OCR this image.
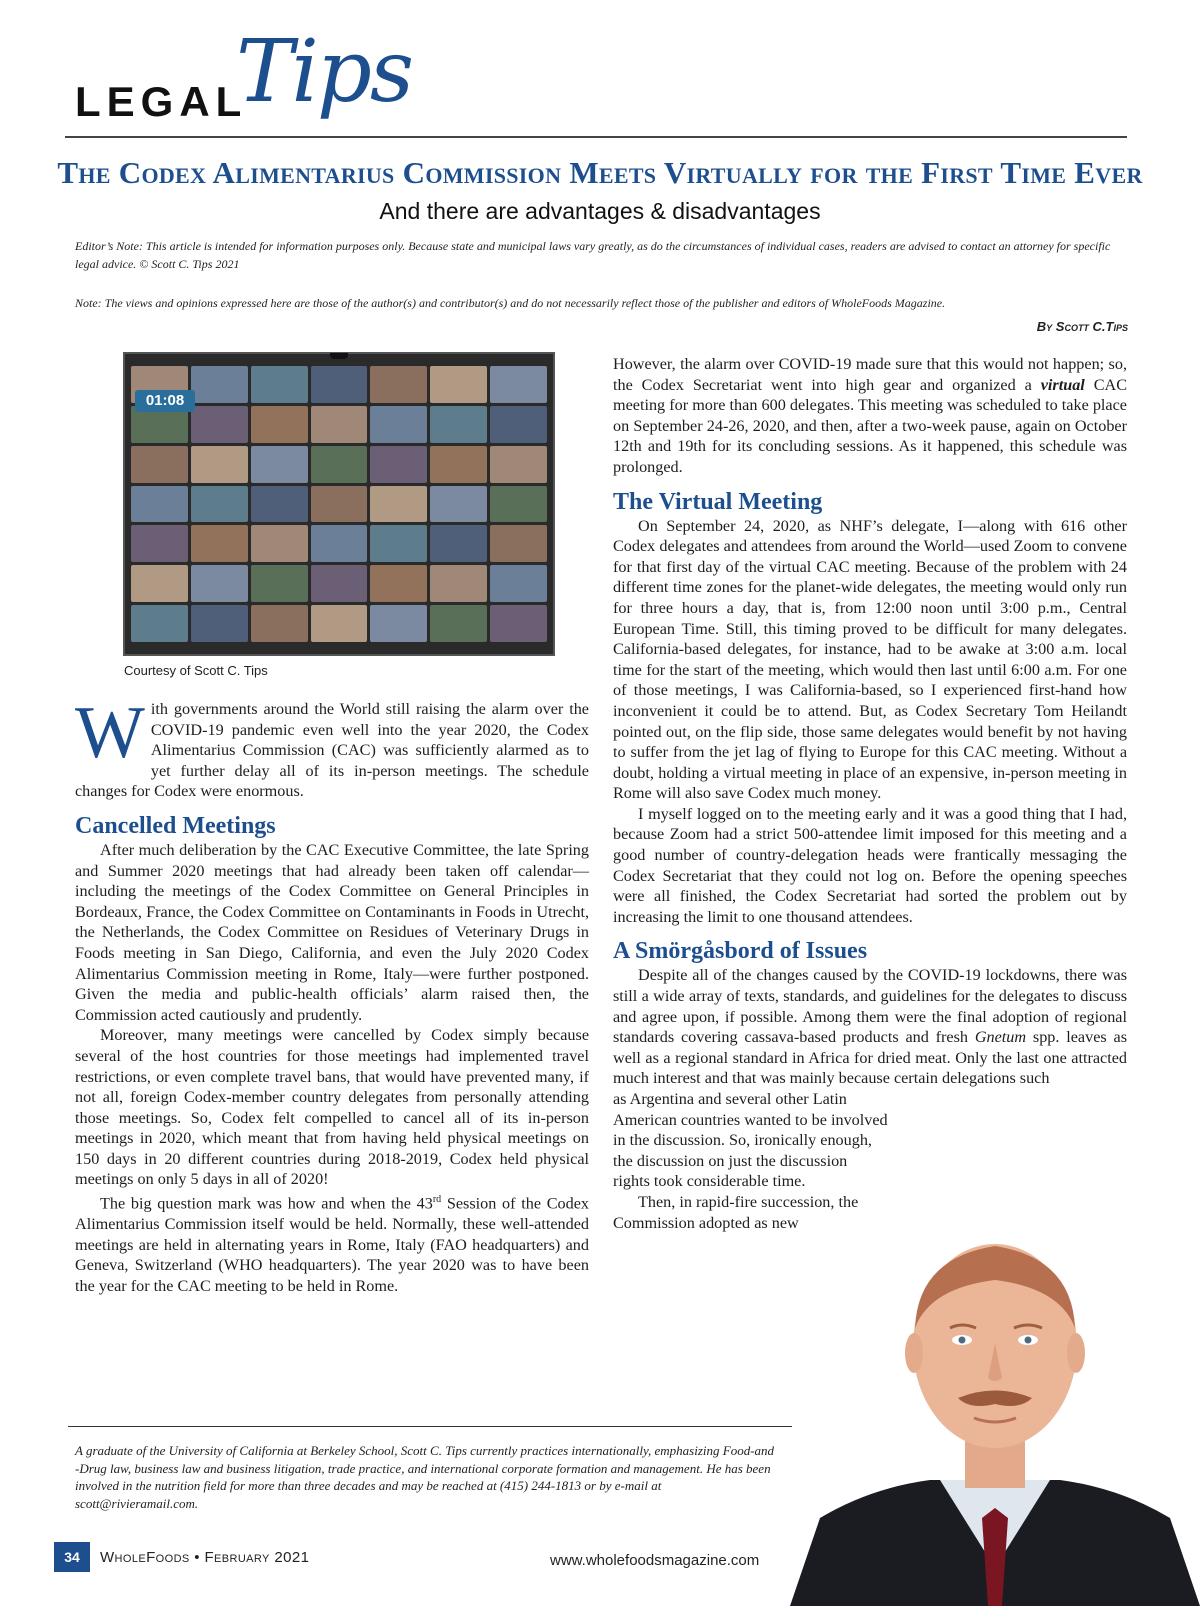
LEGAL
Tips
The Codex Alimentarius Commission Meets Virtually for the First Time Ever
And there are advantages & disadvantages
Editor’s Note: This article is intended for information purposes only. Because state and municipal laws vary greatly, as do the circumstances of individual cases, readers are advised to contact an attorney for specific legal advice. © Scott C. Tips 2021
Note: The views and opinions expressed here are those of the author(s) and contributor(s) and do not necessarily reflect those of the publisher and editors of WholeFoods Magazine.
By Scott C.Tips
01:08
Courtesy of Scott C. Tips

With governments around the World still raising the alarm over the COVID-19 pandemic even well into the year 2020, the Codex Alimentarius Commission (CAC) was sufficiently alarmed as to yet further delay all of its in-person meetings. The schedule changes for Codex were enormous.

Cancelled Meetings

After much deliberation by the CAC Executive Committee, the late Spring and Summer 2020 meetings that had already been taken off calendar—including the meetings of the Codex Committee on General Principles in Bordeaux, France, the Codex Committee on Contaminants in Foods in Utrecht, the Netherlands, the Codex Committee on Residues of Veterinary Drugs in Foods meeting in San Diego, California, and even the July 2020 Codex Alimentarius Commission meeting in Rome, Italy—were further postponed. Given the media and public-health officials’ alarm raised then, the Commission acted cautiously and prudently.

Moreover, many meetings were cancelled by Codex simply because several of the host countries for those meetings had implemented travel restrictions, or even complete travel bans, that would have prevented many, if not all, foreign Codex-member country delegates from personally attending those meetings. So, Codex felt compelled to cancel all of its in-person meetings in 2020, which meant that from having held physical meetings on 150 days in 20 different countries during 2018-2019, Codex held physical meetings on only 5 days in all of 2020!

The big question mark was how and when the 43rd Session of the Codex Alimentarius Commission itself would be held. Normally, these well-attended meetings are held in alternating years in Rome, Italy (FAO headquarters) and Geneva, Switzerland (WHO headquarters). The year 2020 was to have been the year for the CAC meeting to be held in Rome.

However, the alarm over COVID-19 made sure that this would not happen; so, the Codex Secretariat went into high gear and organized a virtual CAC meeting for more than 600 delegates. This meeting was scheduled to take place on September 24-26, 2020, and then, after a two-week pause, again on October 12th and 19th for its concluding sessions. As it happened, this schedule was prolonged.

The Virtual Meeting

On September 24, 2020, as NHF’s delegate, I—along with 616 other Codex delegates and attendees from around the World—used Zoom to convene for that first day of the virtual CAC meeting. Because of the problem with 24 different time zones for the planet-wide delegates, the meeting would only run for three hours a day, that is, from 12:00 noon until 3:00 p.m., Central European Time. Still, this timing proved to be difficult for many delegates. California-based delegates, for instance, had to be awake at 3:00 a.m. local time for the start of the meeting, which would then last until 6:00 a.m. For one of those meetings, I was California-based, so I experienced first-hand how inconvenient it could be to attend. But, as Codex Secretary Tom Heilandt pointed out, on the flip side, those same delegates would benefit by not having to suffer from the jet lag of flying to Europe for this CAC meeting. Without a doubt, holding a virtual meeting in place of an expensive, in-person meeting in Rome will also save Codex much money.

I myself logged on to the meeting early and it was a good thing that I had, because Zoom had a strict 500-attendee limit imposed for this meeting and a good number of country-delegation heads were frantically messaging the Codex Secretariat that they could not log on. Before the opening speeches were all finished, the Codex Secretariat had sorted the problem out by increasing the limit to one thousand attendees.

A Smörgåsbord of Issues

Despite all of the changes caused by the COVID-19 lockdowns, there was still a wide array of texts, standards, and guidelines for the delegates to discuss and agree upon, if possible. Among them were the final adoption of regional standards covering cassava-based products and fresh Gnetum spp. leaves as well as a regional standard in Africa for dried meat. Only the last one attracted much interest and that was mainly because certain delegations such

as Argentina and several other Latin American countries wanted to be involved in the discussion. So, ironically enough, the discussion on just the discussion rights took considerable time.

Then, in rapid-fire succession, the Commission adopted as new

A graduate of the University of California at Berkeley School, Scott C. Tips currently practices internationally, emphasizing Food-and -Drug law, business law and business litigation, trade practice, and international corporate formation and management. He has been involved in the nutrition field for more than three decades and may be reached at (415) 244-1813 or by e-mail at scott@rivieramail.com.
34	WholeFoods • February 2021	www.wholefoodsmagazine.com
